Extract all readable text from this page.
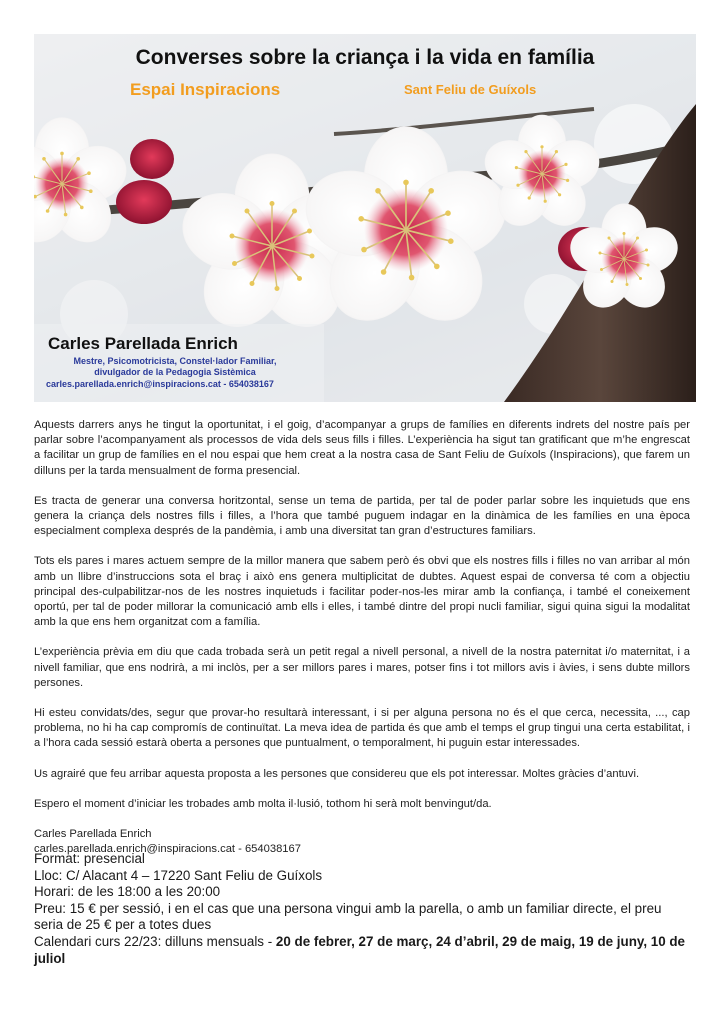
Converses sobre la criança i la vida en família
Espai Inspiracions	Sant Feliu de Guíxols
Carles Parellada Enrich
Mestre, Psicomotricista, Constel·lador Familiar,
divulgador de la Pedagogia Sistèmica
carles.parellada.enrich@inspiracions.cat - 654038167

Aquests darrers anys he tingut la oportunitat, i el goig, d’acompanyar a grups de famílies en diferents indrets del nostre país per parlar sobre l’acompanyament als processos de vida dels seus fills i filles. L’experiència ha sigut tan gratificant que m’he engrescat a facilitar un grup de famílies en el nou espai que hem creat a la nostra casa de Sant Feliu de Guíxols (Inspiracions), que farem un dilluns per la tarda mensualment de forma presencial.

Es tracta de generar una conversa horitzontal, sense un tema de partida, per tal de poder parlar sobre les inquietuds que ens genera la criança dels nostres fills i filles, a l’hora que també puguem indagar en la dinàmica de les famílies en una època especialment complexa després de la pandèmia, i amb una diversitat tan gran d’estructures familiars.

Tots els pares i mares actuem sempre de la millor manera que sabem però és obvi que els nostres fills i filles no van arribar al món amb un llibre d’instruccions sota el braç i això ens genera multiplicitat de dubtes. Aquest espai de conversa té com a objectiu principal des-culpabilitzar-nos de les nostres inquietuds i facilitar poder-nos-les mirar amb la confiança, i també el coneixement oportú, per tal de poder millorar la comunicació amb ells i elles, i també dintre del propi nucli familiar, sigui quina sigui la modalitat amb la que ens hem organitzat com a família.

L’experiència prèvia em diu que cada trobada serà un petit regal a nivell personal, a nivell de la nostra paternitat i/o maternitat, i a nivell familiar, que ens nodrirà, a mi inclòs, per a ser millors pares i mares, potser fins i tot millors avis i àvies, i sens dubte millors persones.

Hi esteu convidats/des, segur que provar-ho resultarà interessant, i si per alguna persona no és el que cerca, necessita, ..., cap problema, no hi ha cap compromís de continuïtat. La meva idea de partida és que amb el temps el grup tingui una certa estabilitat, i a l’hora cada sessió estarà oberta a persones que puntualment, o temporalment, hi puguin estar interessades.

Us agrairé que feu arribar aquesta proposta a les persones que considereu que els pot interessar. Moltes gràcies d’antuvi.

Espero el moment d’iniciar les trobades amb molta il·lusió, tothom hi serà molt benvingut/da.

Carles Parellada Enrich
carles.parellada.enrich@inspiracions.cat - 654038167
Format: presencial
Lloc: C/ Alacant 4 – 17220 Sant Feliu de Guíxols
Horari: de les 18:00 a les 20:00
Preu: 15 € per sessió, i en el cas que una persona vingui amb la parella, o amb un familiar directe, el preu seria de 25 € per a totes dues
Calendari curs 22/23: dilluns mensuals - 20 de febrer, 27 de març, 24 d’abril, 29 de maig, 19 de juny, 10 de juliol
